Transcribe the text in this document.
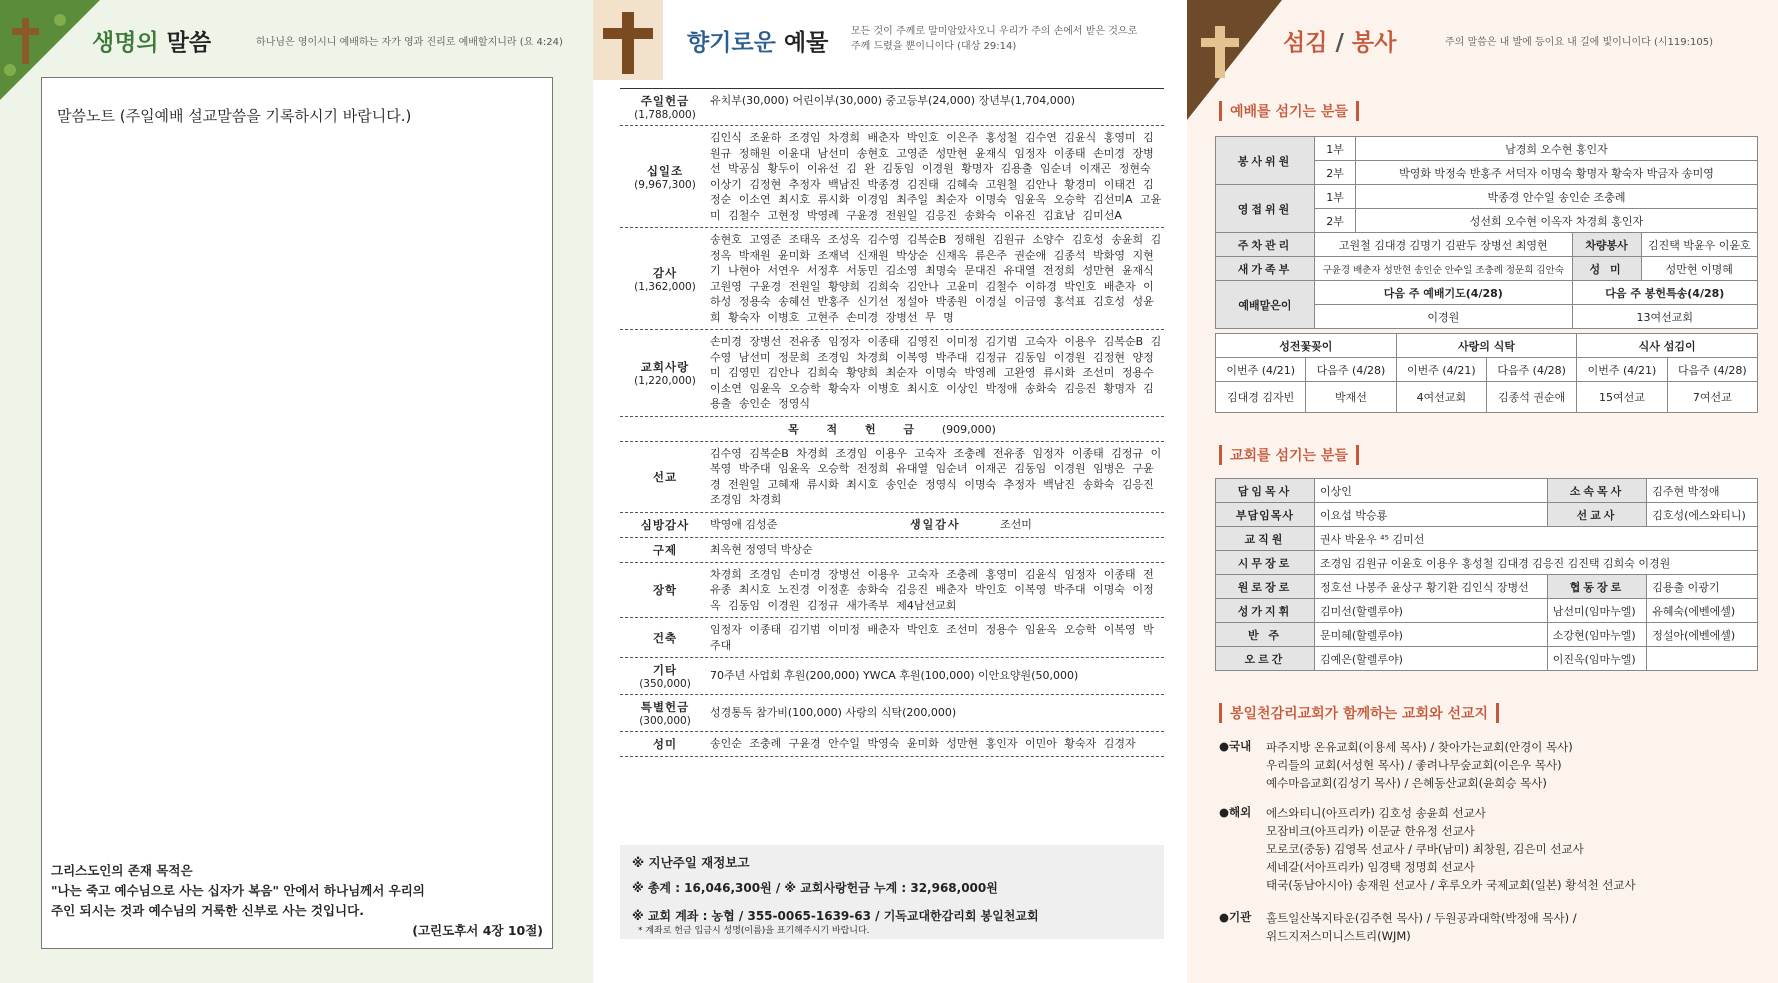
생명의 말씀	하나님은 영이시니 예배하는 자가 영과 진리로 예배할지니라 (요 4:24)
말씀노트 (주일예배 설교말씀을 기록하시기 바랍니다.)
그리스도인의 존재 목적은
"나는 죽고 예수님으로 사는 십자가 복음" 안에서 하나님께서 우리의
주인 되시는 것과 예수님의 거룩한 신부로 사는 것입니다.
(고린도후서 4장 10절)
향기로운 예물 모든 것이 주께로 말미암았사오니 우리가 주의 손에서 받은 것으로
주께 드렸을 뿐이니이다 (대상 29:14)
주일헌금
(1,788,000)
유치부(30,000) 어린이부(30,000) 중고등부(24,000) 장년부(1,704,000)
십일조
(9,967,300)
김인식 조윤하 조경임 차경희 배춘자 박인호 이은주 홍성철 김수연 김윤식 홍영미 김원규 정해원 이윤대 남선미 송현호 고영준 성만현 윤재식 임정자 이종태 손미경 장병선 박공심 황두이 이유선 김 완 김동임 이경원 황명자 김용출 임순녀 이재곤 정현숙 이상기 김정현 추정자 백남진 박종경 김진태 김혜숙 고원철 김안나 황경미 이태건 김정순 이소연 최시호 류시화 이경임 최주일 최순자 이명숙 임윤옥 오승학 김선미A 고윤미 김철수 고현정 박영례 구윤경 전원일 김응진 송화숙 이유진 김효남 김미선A
감사
(1,362,000)
송현호 고영준 조태옥 조성옥 김수영 김복순B 정해원 김원규 소양수 김호성 송윤희 김정옥 박재원 윤미화 조재녁 신재원 박상순 신재옥 류은주 권순애 김종석 박화영 지현기 나현아 서연우 서정후 서동민 김소영 최명숙 문대진 유대열 전정희 성만현 윤재식 고원영 구윤경 전원일 황양희 김희숙 김안나 고윤미 김철수 이하경 박인호 배춘자 이하성 정용숙 송혜선 반홍주 신기선 정설아 박종원 이경실 이금영 홍석표 김호성 성윤희 황숙자 이병호 고현주 손미경 장병선 무 명
교회사랑
(1,220,000)
손미경 장병선 전유종 임정자 이종태 김영진 이미정 김기범 고숙자 이용우 김복순B 김수영 남선미 정문희 조경임 차경희 이복영 박주대 김정규 김동임 이경원 김정현 양정미 김영민 김안나 김희숙 황양희 최순자 이명숙 박영례 고완영 류시화 조선미 정용수 이소연 임윤옥 오승학 황숙자 이병호 최시호 이상인 박정애 송화숙 김응진 황명자 김용출 송인순 정영식
목 적 헌 금 (909,000)
선교
김수영 김복순B 차경희 조경임 이용우 고숙자 조충례 전유종 임정자 이종태 김정규 이복영 박주대 임윤옥 오승학 전정희 유대열 임순녀 이재곤 김동임 이경원 임병은 구윤경 전원일 고혜재 류시화 최시호 송인순 정영식 이명숙 추정자 백남진 송화숙 김응진 조경임 차경희
심방감사	박영애 김성준	생일감사	조선미
구제	최옥현 정영덕 박상순
장학
차경희 조경임 손미경 장병선 이용우 고숙자 조충례 홍영미 김윤식 임정자 이종태 전유종 최시호 노진경 이정훈 송화숙 김응진 배춘자 박인호 이복영 박주대 이명숙 이정옥 김동임 이경원 김정규 새가족부 제4남선교회
건축
임정자 이종태 김기범 이미정 배춘자 박인호 조선미 정용수 임윤옥 오승학 이복영 박주대
기타
(350,000)
70주년 사업회 후원(200,000) YWCA 후원(100,000) 이안요양원(50,000)
특별헌금
(300,000)
성경통독 참가비(100,000) 사랑의 식탁(200,000)
성미	송인순 조충례 구윤경 안수일 박영숙 윤미화 성만현 홍인자 이민아 황숙자 김경자
※ 지난주일 재정보고
※ 총계 : 16,046,300원 / ※ 교회사랑헌금 누계 : 32,968,000원
※ 교회 계좌 : 농협 / 355-0065-1639-63 / 기독교대한감리회 봉일천교회
* 계좌로 헌금 입금시 성명(이름)을 표기해주시기 바랍니다.
섬김 / 봉사	주의 말씀은 내 발에 등이요 내 길에 빛이니이다 (시119:105)
예배를 섬기는 분들
봉사위원	1부	남경희 오수현 홍인자		
	2부	박영화 박정숙 반홍주 서덕자 이명숙 황명자 황숙자 박금자 송미영		
영접위원	1부	박종경 안수일 송인순 조충례		
	2부	성선희 오수현 이옥자 차경희 홍인자		
주차관리	고원철 김대경 김명기 김판두 장병선 최영현		차량봉사	김진택 박윤우 이윤호
새가족부	구윤경 배춘자 성만현 송인순 안수일 조충례 정문희 김안숙		성 미	성만현 이명혜
예배맡은이	다음 주 예배기도(4/28)		다음 주 봉헌특송(4/28)	
	이경원		13여선교회	
성전꽃꽂이		사랑의 식탁		식사 섬김이	
이번주 (4/21)	다음주 (4/28)	이번주 (4/21)	다음주 (4/28)	이번주 (4/21)	다음주 (4/28)
김대경 김자빈	박재선	4여선교회	김종석 권순애	15여선교	7여선교
교회를 섬기는 분들
담임목사	이상인	소속목사	김주현 박정애
부담임목사	이요섭 박승룡	선교사	김호성(에스와티니)
교직원	권사 박윤우 ⁴⁵ 김미선		
시무장로	조경임 김원규 이윤호 이용우 홍성철 김대경 김응진 김진택 김희숙 이경원		
원로장로	정호선 나봉주 윤상구 황기환 김인식 장병선	협동장로	김용출 이광기
성가지휘	김미선(할렐루야)	남선미(임마누엘)	유혜숙(에벤에셀)
반 주	문미혜(할렐루야)	소강현(임마누엘)	정설아(에벤에셀)
오르간	김예은(할렐루야)	이진옥(임마누엘)	
봉일천감리교회가 함께하는 교회와 선교지
●국내 파주지방 온유교회(이용세 목사) / 찾아가는교회(안경이 목사)
우리들의 교회(서성현 목사) / 좋려나무숲교회(이은우 목사)
예수마음교회(김성기 목사) / 은혜동산교회(윤희승 목사)
●해외 에스와티니(아프리카) 김호성 송윤희 선교사
모잠비크(아프리카) 이문균 한유정 선교사
모로코(중동) 김영목 선교사 / 쿠바(남미) 최창원, 김은미 선교사
세네갈(서아프리카) 임경택 정명희 선교사
태국(동남아시아) 송재원 선교사 / 후루오카 국제교회(일본) 황석천 선교사
●기관 홀트일산복지타운(김주현 목사) / 두원공과대학(박정애 목사) /
위드지저스미니스트리(WJM)
